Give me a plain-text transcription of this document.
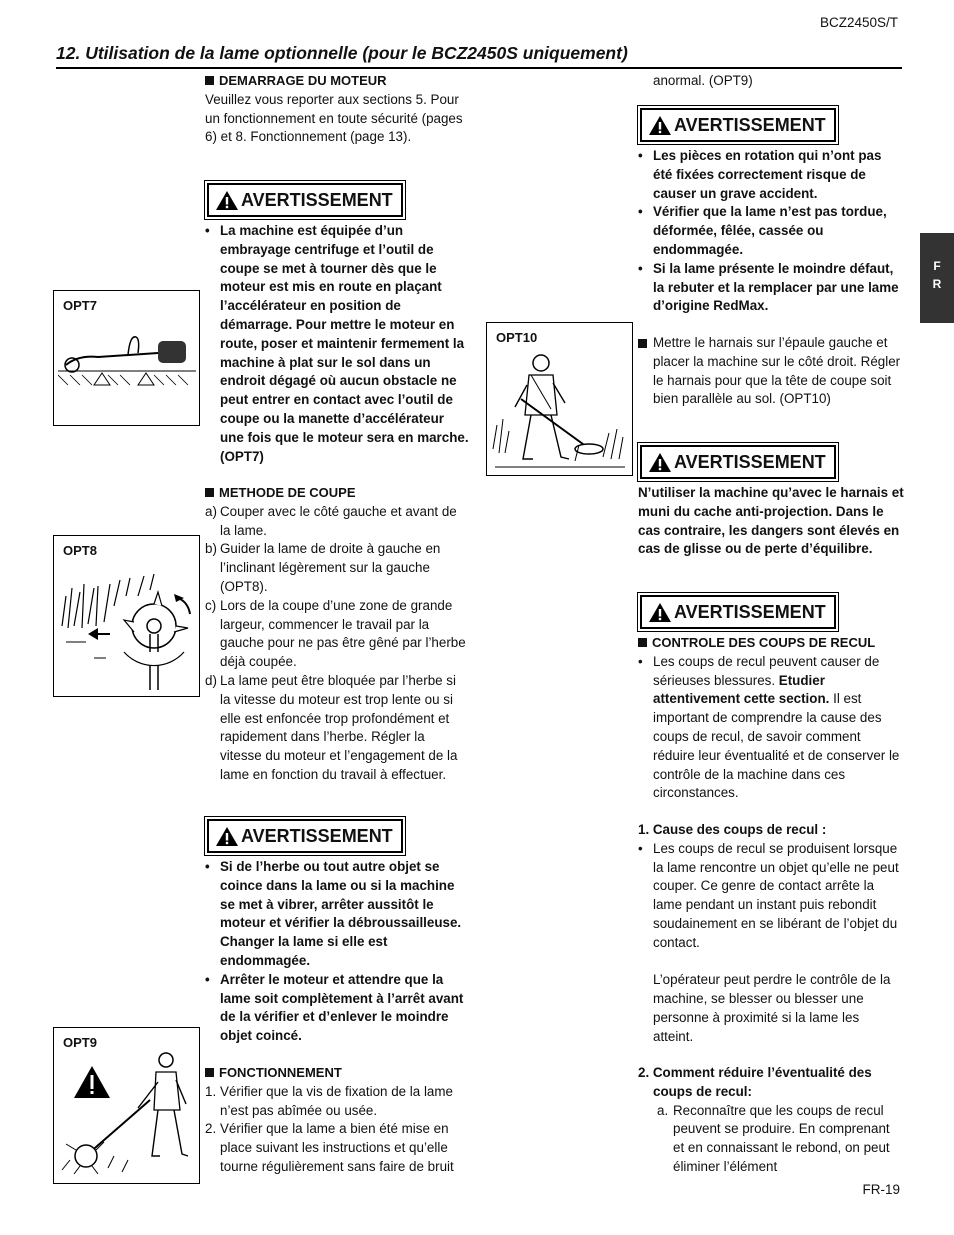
BCZ2450S/T
12. Utilisation de la lame optionnelle (pour le BCZ2450S uniquement)
F
R
DEMARRAGE DU MOTEUR

Veuillez vous reporter aux sections 5. Pour un fonctionnement en toute sécurité (pages 6) et 8. Fonctionnement (page 13).

AVERTISSEMENT
• La machine est équipée d’un embrayage centrifuge et l’outil de coupe se met à tourner dès que le moteur est mis en route en plaçant l’accélérateur en position de démarrage. Pour mettre le moteur en route, poser et maintenir fermement la machine à plat sur le sol dans un endroit dégagé où aucun obstacle ne peut entrer en contact avec l’outil de coupe ou la manette d’accélérateur une fois que le moteur sera en marche. (OPT7)
METHODE DE COUPE
a) Couper avec le côté gauche et avant de la lame.
b) Guider la lame de droite à gauche en l’inclinant légèrement sur la gauche (OPT8).
c) Lors de la coupe d’une zone de grande largeur, commencer le travail par la gauche pour ne pas être gêné par l’herbe déjà coupée.
d) La lame peut être bloquée par l’herbe si la vitesse du moteur est trop lente ou si elle est enfoncée trop profondément et rapidement dans l’herbe. Régler la vitesse du moteur et l’engagement de la lame en fonction du travail à effectuer.
AVERTISSEMENT
• Si de l’herbe ou tout autre objet se coince dans la lame ou si la machine se met à vibrer, arrêter aussitôt le moteur et vérifier la débroussailleuse. Changer la lame si elle est endommagée.
• Arrêter le moteur et attendre que la lame soit complètement à l’arrêt avant de la vérifier et d’enlever le moindre objet coincé.
FONCTIONNEMENT
1. Vérifier que la vis de fixation de la lame n’est pas abîmée ou usée.
2. Vérifier que la lame a bien été mise en place suivant les instructions et qu’elle tourne régulièrement sans faire de bruit
OPT7
OPT8
OPT9
OPT10
anormal. (OPT9)
AVERTISSEMENT
• Les pièces en rotation qui n’ont pas été fixées correctement risque de causer un grave accident.
• Vérifier que la lame n’est pas tordue, déformée, fêlée, cassée ou endommagée.
• Si la lame présente le moindre défaut, la rebuter et la remplacer par une lame d’origine RedMax.
Mettre le harnais sur l’épaule gauche et placer la machine sur le côté droit. Régler le harnais pour que la tête de coupe soit bien parallèle au sol. (OPT10)
AVERTISSEMENT
N’utiliser la machine qu’avec le harnais et muni du cache anti-projection. Dans le cas contraire, les dangers sont élevés en cas de glisse ou de perte d’équilibre.
AVERTISSEMENT
CONTROLE DES COUPS DE RECUL
• Les coups de recul peuvent causer de sérieuses blessures. Etudier attentivement cette section. Il est important de comprendre la cause des coups de recul, de savoir comment réduire leur éventualité et de conserver le contrôle de la machine dans ces circonstances.
1. Cause des coups de recul :
• Les coups de recul se produisent lorsque la lame rencontre un objet qu’elle ne peut couper. Ce genre de contact arrête la lame pendant un instant puis rebondit soudainement en se libérant de l’objet du contact.

L’opérateur peut perdre le contrôle de la machine, se blesser ou blesser une personne à proximité si la lame les atteint.

2. Comment réduire l’éventualité des coups de recul:
a. Reconnaître que les coups de recul peuvent se produire. En comprenant et en connaissant le rebond, on peut éliminer l’élément
FR-19
